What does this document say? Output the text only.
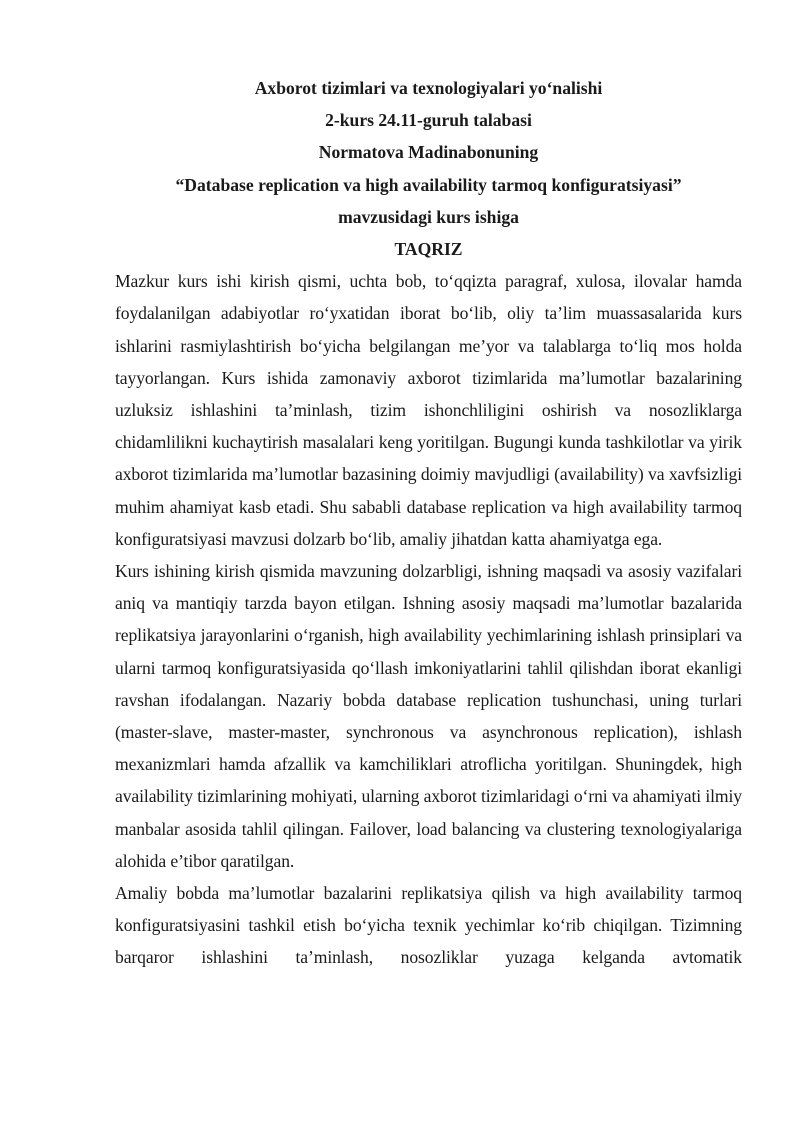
Axborot tizimlari va texnologiyalari yo‘nalishi
2-kurs 24.11-guruh talabasi
Normatova Madinabonuning
“Database replication va high availability tarmoq konfiguratsiyasi”
mavzusidagi kurs ishiga
TAQRIZ

Mazkur kurs ishi kirish qismi, uchta bob, to‘qqizta paragraf, xulosa, ilovalar hamda foydalanilgan adabiyotlar ro‘yxatidan iborat bo‘lib, oliy ta’lim muassasalarida kurs ishlarini rasmiylashtirish bo‘yicha belgilangan me’yor va talablarga to‘liq mos holda tayyorlangan. Kurs ishida zamonaviy axborot tizimlarida ma’lumotlar bazalarining uzluksiz ishlashini ta’minlash, tizim ishonchliligini oshirish va nosozliklarga chidamlilikni kuchaytirish masalalari keng yoritilgan. Bugungi kunda tashkilotlar va yirik axborot tizimlarida ma’lumotlar bazasining doimiy mavjudligi (availability) va xavfsizligi muhim ahamiyat kasb etadi. Shu sababli database replication va high availability tarmoq konfiguratsiyasi mavzusi dolzarb bo‘lib, amaliy jihatdan katta ahamiyatga ega.

Kurs ishining kirish qismida mavzuning dolzarbligi, ishning maqsadi va asosiy vazifalari aniq va mantiqiy tarzda bayon etilgan. Ishning asosiy maqsadi ma’lumotlar bazalarida replikatsiya jarayonlarini o‘rganish, high availability yechimlarining ishlash prinsiplari va ularni tarmoq konfiguratsiyasida qo‘llash imkoniyatlarini tahlil qilishdan iborat ekanligi ravshan ifodalangan. Nazariy bobda database replication tushunchasi, uning turlari (master-slave, master-master, synchronous va asynchronous replication), ishlash mexanizmlari hamda afzallik va kamchiliklari atroflicha yoritilgan. Shuningdek, high availability tizimlarining mohiyati, ularning axborot tizimlaridagi o‘rni va ahamiyati ilmiy manbalar asosida tahlil qilingan. Failover, load balancing va clustering texnologiyalariga alohida e’tibor qaratilgan.

Amaliy bobda ma’lumotlar bazalarini replikatsiya qilish va high availability tarmoq konfiguratsiyasini tashkil etish bo‘yicha texnik yechimlar ko‘rib chiqilgan. Tizimning barqaror ishlashini ta’minlash, nosozliklar yuzaga kelganda avtomatik
